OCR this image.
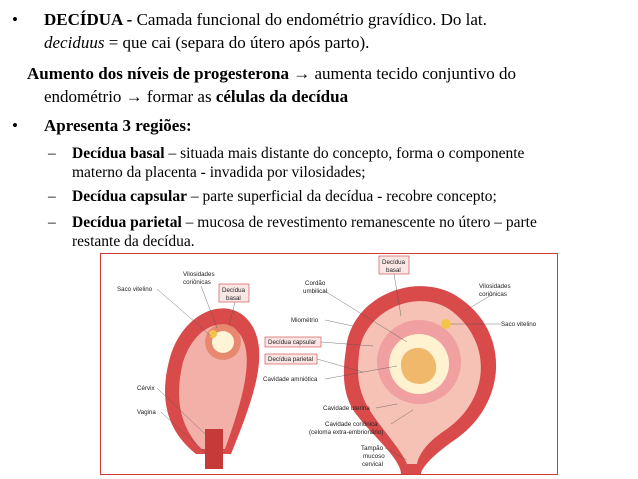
• DECÍDUA - Camada funcional do endométrio gravídico. Do lat.
deciduus = que cai (separa do útero após parto).
Aumento dos níveis de progesterona → aumenta tecido conjuntivo do
endométrio → formar as células da decídua
• Apresenta 3 regiões:
– Decídua basal – situada mais distante do concepto, forma o componente
materno da placenta - invadida por vilosidades;
– Decídua capsular – parte superficial da decídua - recobre concepto;
– Decídua parietal – mucosa de revestimento remanescente no útero – parte
restante da decídua.
Saco vitelino
Vilosidades
coriônicas
Decídua
basal
Cérvix
Vagina
Miométrio
Decídua capsular
Decídua parietal
Cavidade amniótica
Cordão
umbilical
Decídua
basal
Cavidade uterina
Cavidade coriônica
(celoma extra-embrionário)
Tampão
mucoso
cervical
Vilosidades
coriônicas
Saco vitelino
